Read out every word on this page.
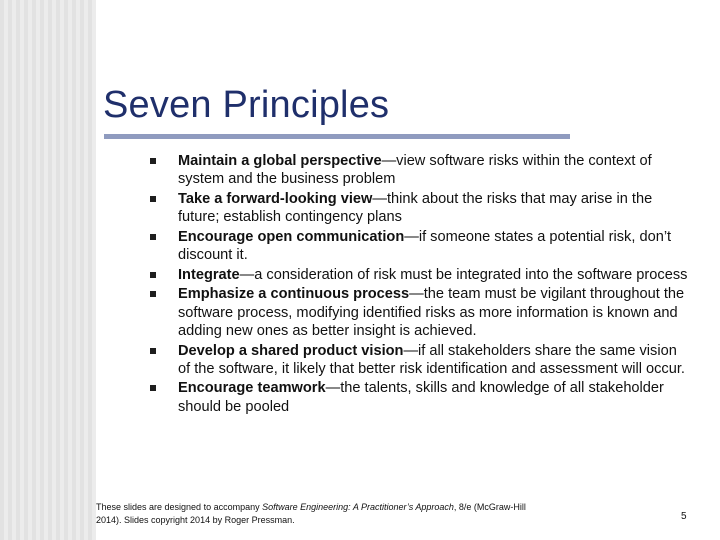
Seven Principles
Maintain a global perspective—view software risks within the context of system and the business problem
Take a forward-looking view—think about the risks that may arise in the future; establish contingency plans
Encourage open communication—if someone states a potential risk, don’t discount it.
Integrate—a consideration of risk must be integrated into the software process
Emphasize a continuous process—the team must be vigilant throughout the software process, modifying identified risks as more information is known and adding new ones as better insight is achieved.
Develop a shared product vision—if all stakeholders share the same vision of the software, it likely that better risk identification and assessment will occur.
Encourage teamwork—the talents, skills and knowledge of all stakeholder should be pooled
These slides are designed to accompany Software Engineering: A Practitioner’s Approach, 8/e (McGraw-Hill 2014). Slides copyright 2014 by Roger Pressman.	5
